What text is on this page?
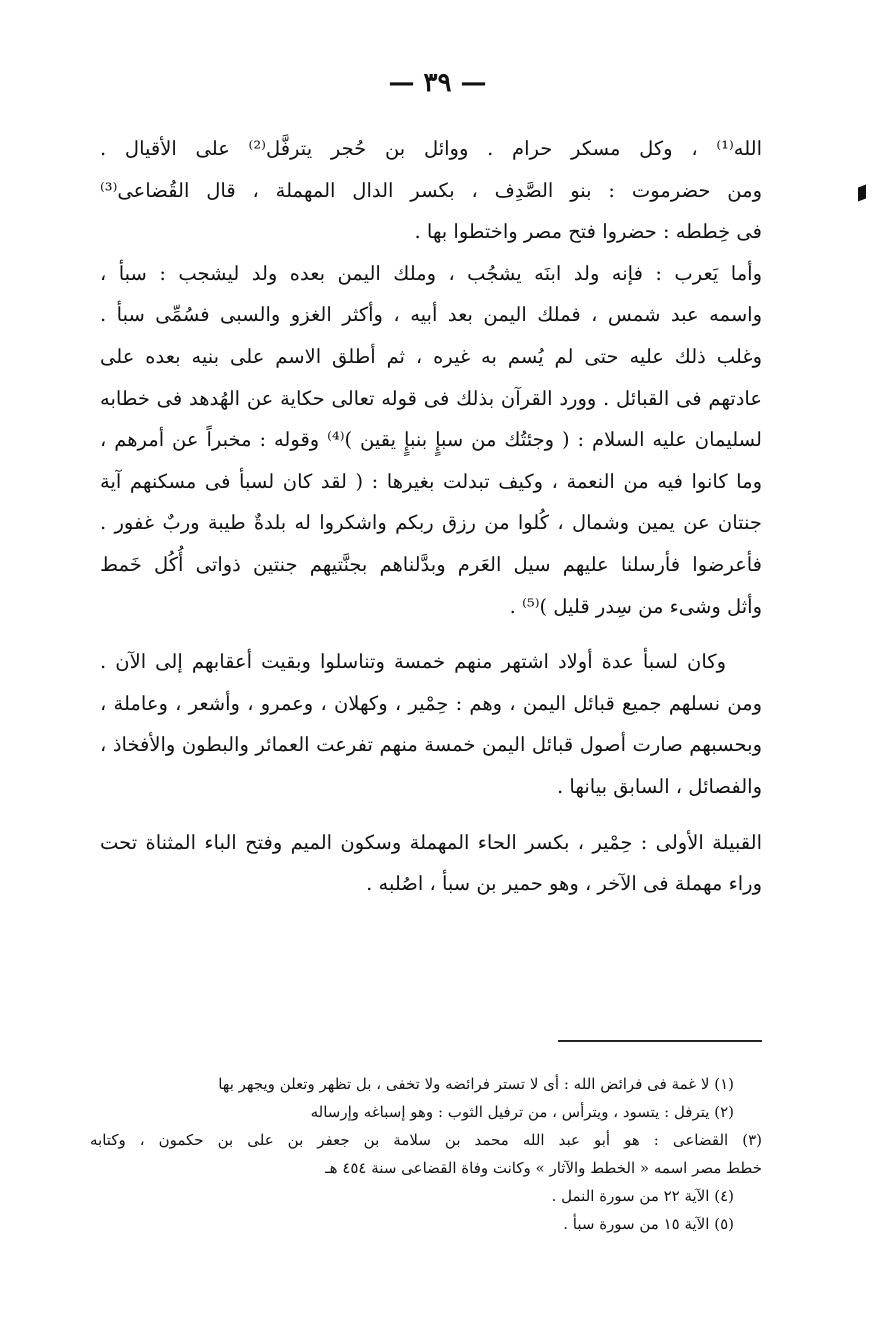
— ٣٩ —
الله⁽¹⁾ ، وكل مسكر حرام . ووائل بن حُجر يترفَّل⁽²⁾ على الأقيال .
ومن حضرموت : بنو الصَّدِف ، بكسر الدال المهملة ، قال القُضاعى⁽³⁾
فى خِططه : حضروا فتح مصر واختطوا بها .
وأما يَعرب : فإنه ولد ابنَه يشجُب ، وملك اليمن بعده ولد ليشجب : سبأ ،
واسمه عبد شمس ، فملك اليمن بعد أبيه ، وأكثر الغزو والسبى فسُمِّى سبأ .
وغلب ذلك عليه حتى لم يُسم به غيره ، ثم أطلق الاسم على بنيه بعده على
عادتهم فى القبائل . وورد القرآن بذلك فى قوله تعالى حكاية عن الهُدهد فى خطابه
لسليمان عليه السلام : ( وجئتُك من سبإٍ بنبإٍ يقين )⁽⁴⁾ وقوله : مخبراً عن أمرهم ،
وما كانوا فيه من النعمة ، وكيف تبدلت بغيرها : ( لقد كان لسبأ فى مسكنهم آية
جنتان عن يمين وشمال ، كُلوا من رزق ربكم واشكروا له بلدةٌ طيبة وربٌ غفور .
فأعرضوا فأرسلنا عليهم سيل العَرم وبدَّلناهم بجنَّتيهم جنتين ذواتى أُكُل خَمط
وأثل وشىء من سِدر قليل )⁽⁵⁾ .
وكان لسبأ عدة أولاد اشتهر منهم خمسة وتناسلوا وبقيت أعقابهم إلى الآن .
ومن نسلهم جميع قبائل اليمن ، وهم : حِمْير ، وكهلان ، وعمرو ، وأشعر ، وعاملة ،
وبحسبهم صارت أصول قبائل اليمن خمسة منهم تفرعت العمائر والبطون والأفخاذ ،
والفصائل ، السابق بيانها .
القبيلة الأولى : حِمْير ، بكسر الحاء المهملة وسكون الميم وفتح الباء المثناة تحت
وراء مهملة فى الآخر ، وهو حمير بن سبأ ، اصُلبه .
(١) لا غمة فى فرائض الله : أى لا تستر فرائضه ولا تخفى ، بل تظهر وتعلن ويجهر بها
(٢) يترفل : يتسود ، ويترأس ، من ترفيل الثوب : وهو إسباغه وإرساله
(٣) القضاعى : هو أبو عبد الله محمد بن سلامة بن جعفر بن على بن حكمون ، وكتابه
خطط مصر اسمه « الخطط والآثار » وكانت وفاة القضاعى سنة ٤٥٤ هـ
(٤) الآية ٢٢ من سورة النمل .
(٥) الآية ١٥ من سورة سبأ .
